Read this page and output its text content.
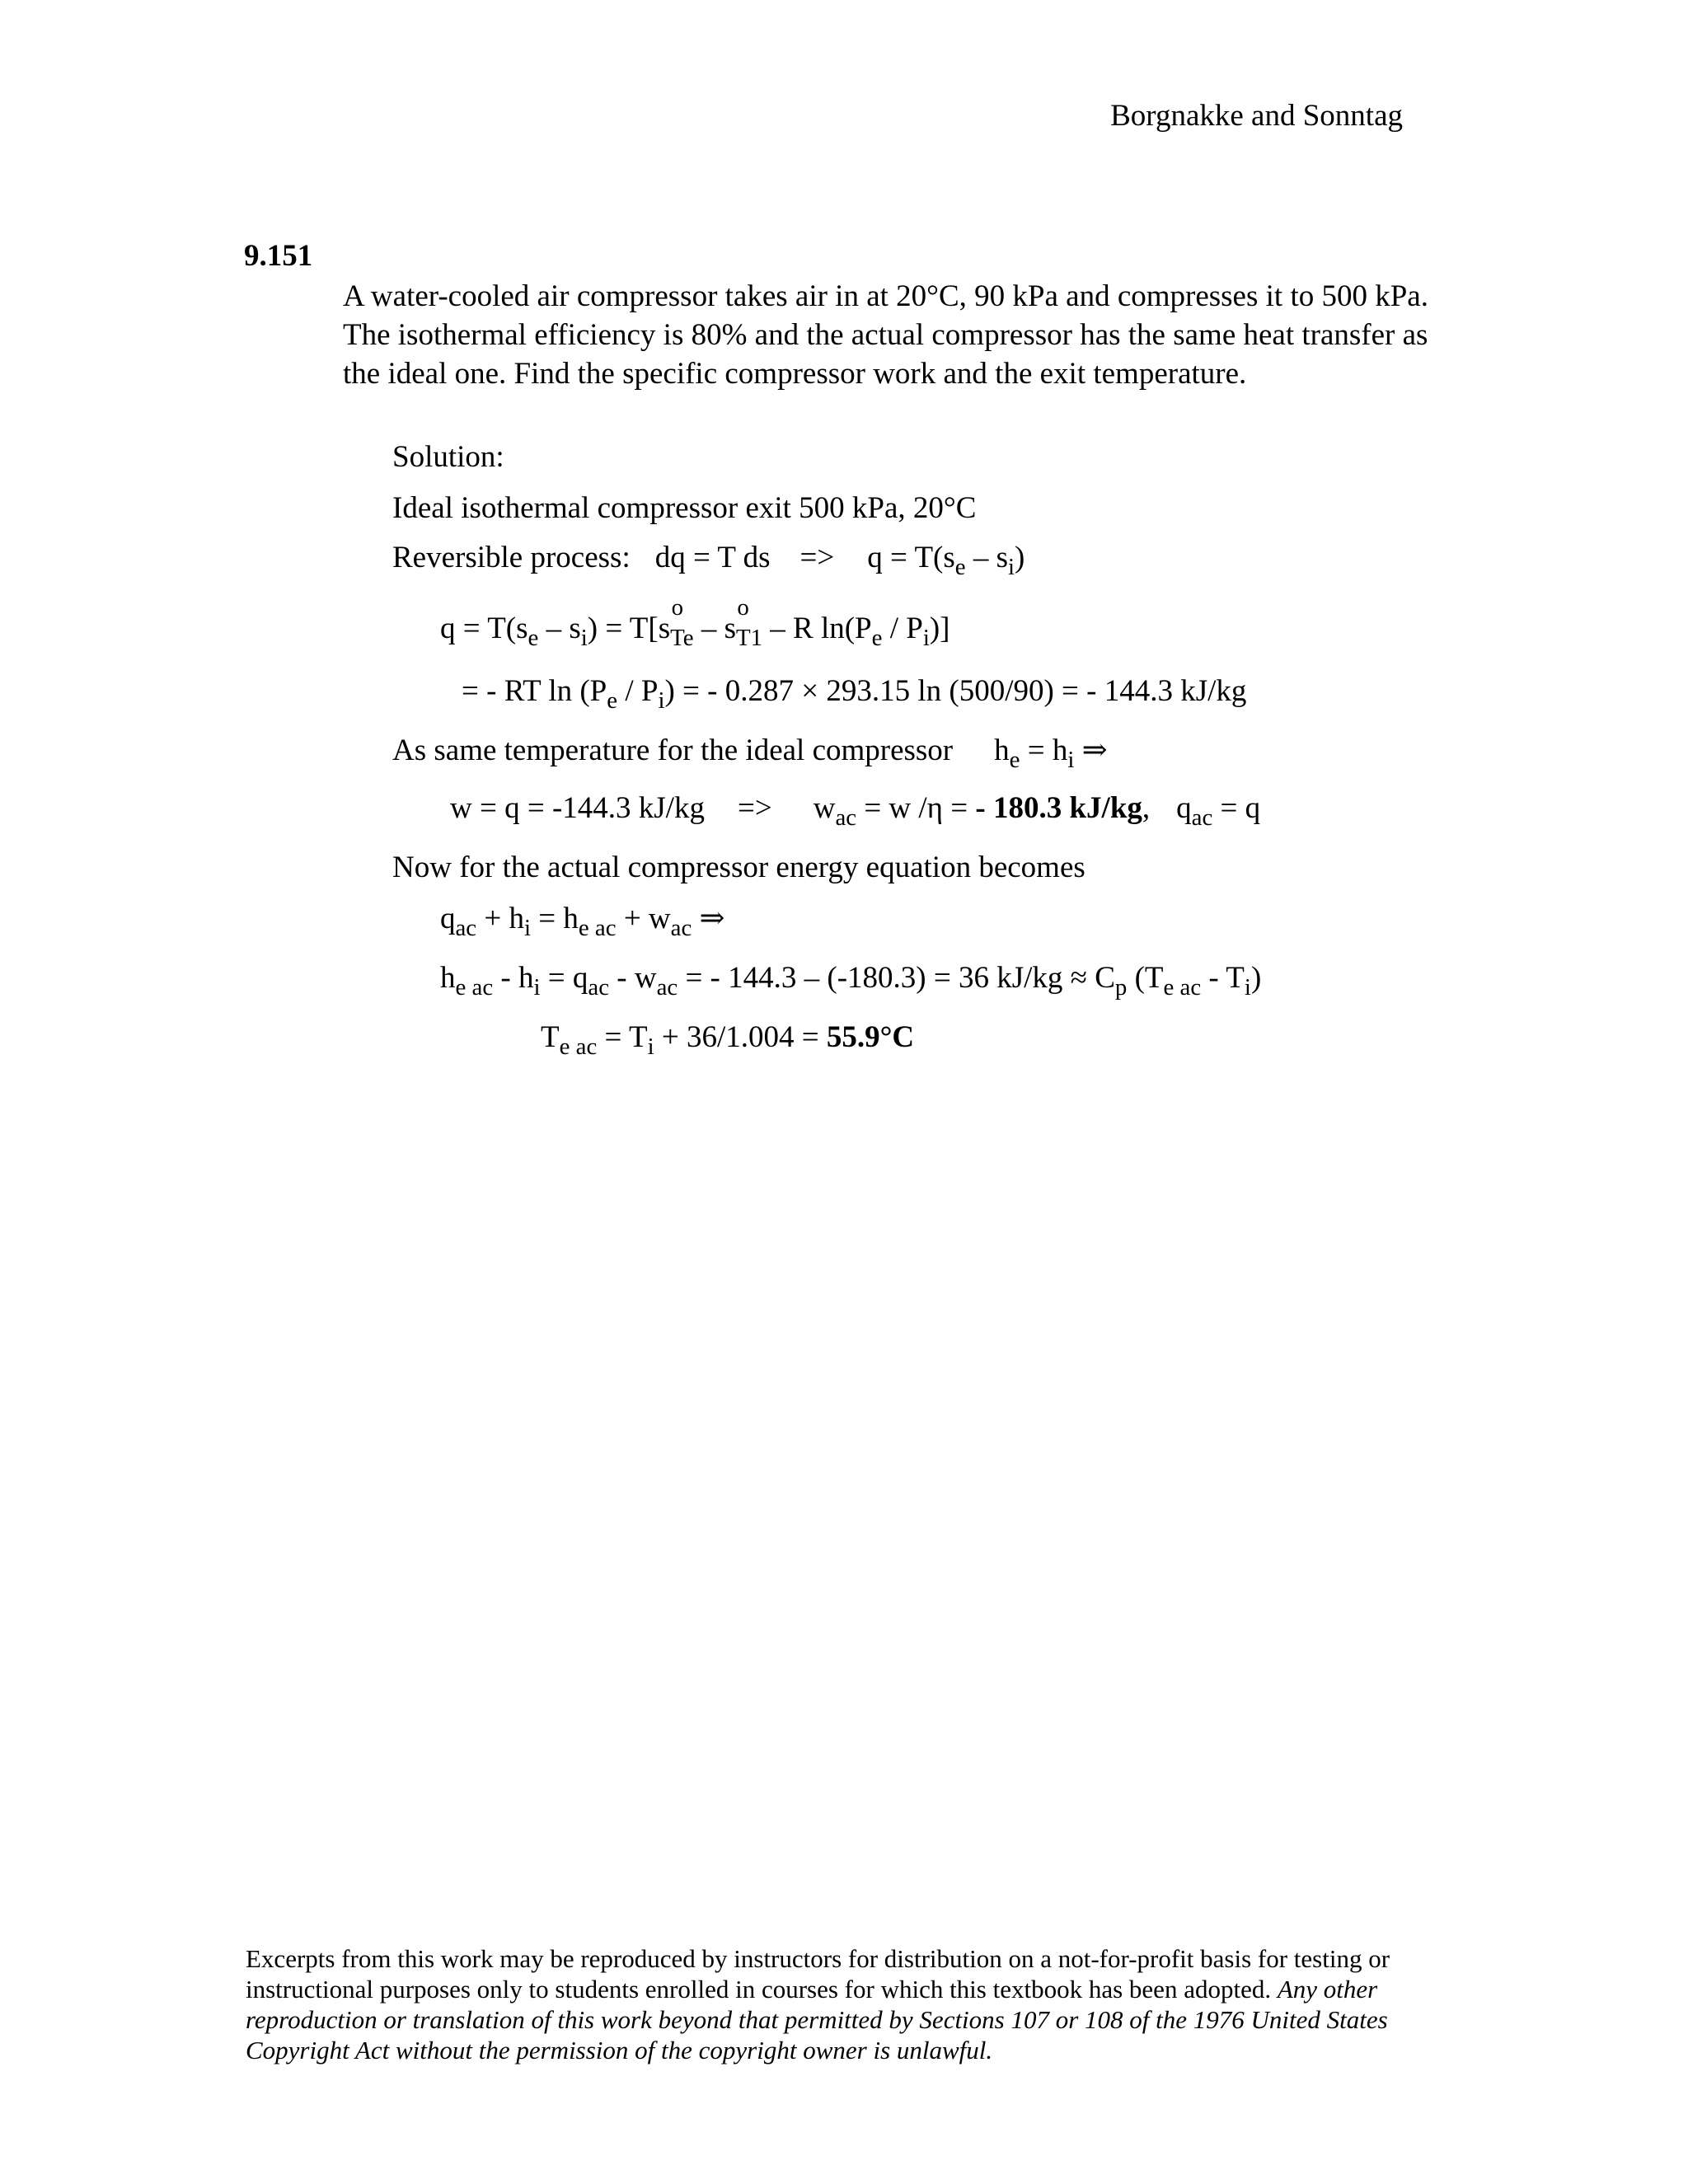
Borgnakke and Sonntag
9.151
A water-cooled air compressor takes air in at 20°C, 90 kPa and compresses it to 500 kPa. The isothermal efficiency is 80% and the actual compressor has the same heat transfer as the ideal one. Find the specific compressor work and the exit temperature.
Solution:
Ideal isothermal compressor exit 500 kPa, 20°C
Reversible process: dq = T ds => $q = T(s_e - s_i)$
$q = T(s_e - s_i) = T[s$
o
$_{Te}$ – s
o
$_{T1}$ – R $\ln(P_e / P_i)$]
= - RT $\ln (P_e / P_i)$ = - 0.287 × 293.15 ln (500/90) = - 144.3 kJ/kg
As same temperature for the ideal compressor $h_e = h_i$ ⇒
w = q = -144.3 $kJ/kg => w_{ac} = w$ /η = - 180.3 kJ/kg, $q_{ac} = q$
Now for the actual compressor energy equation becomes
$q_{ac} + h_i = h_{e ac} + w_{ac}$ ⇒
$h_{e ac} - h_i = q_{ac} - w_{ac}$ = - 144.3 – (-180.3) = 36 $kJ/kg \approx C_p$ $(T_{e ac} - T_i)$
$T_{e ac} = T_i + 36/1.004 = 55.9^\circ C$
Excerpts from this work may be reproduced by instructors for distribution on a not-for-profit basis for testing or instructional purposes only to students enrolled in courses for which this textbook has been adopted. Any other reproduction or translation of this work beyond that permitted by Sections 107 or 108 of the 1976 United States Copyright Act without the permission of the copyright owner is unlawful.
